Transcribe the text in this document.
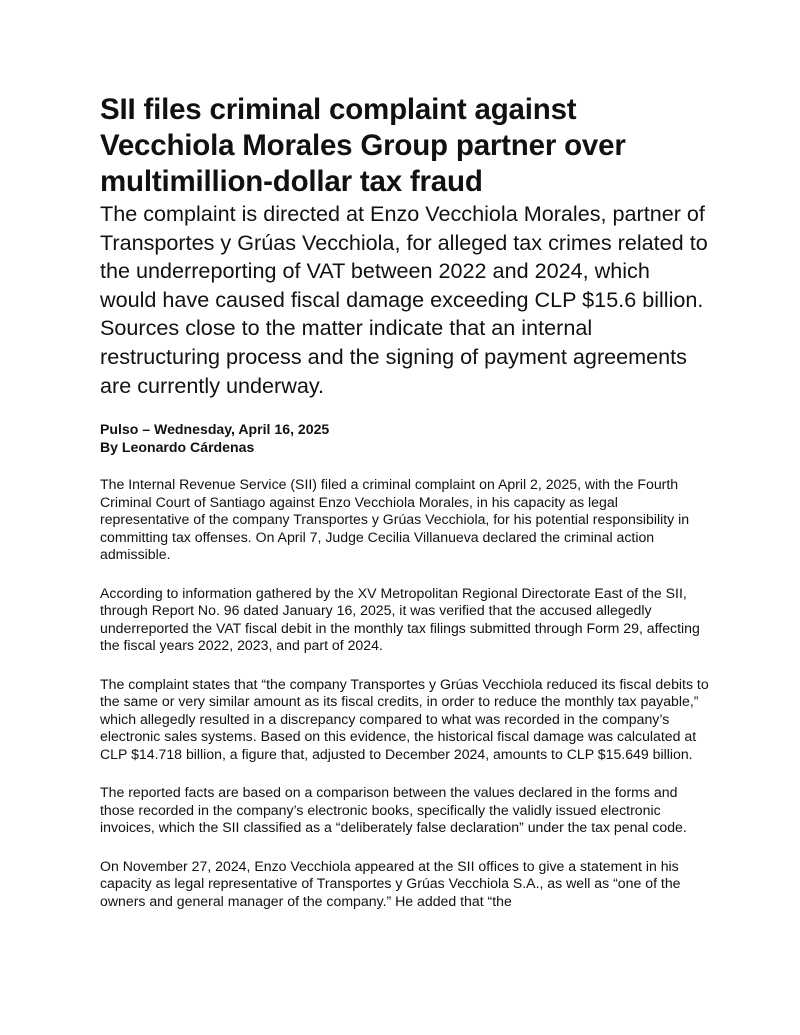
SII files criminal complaint against Vecchiola Morales Group partner over multimillion-dollar tax fraud
The complaint is directed at Enzo Vecchiola Morales, partner of Transportes y Grúas Vecchiola, for alleged tax crimes related to the underreporting of VAT between 2022 and 2024, which would have caused fiscal damage exceeding CLP $15.6 billion. Sources close to the matter indicate that an internal restructuring process and the signing of payment agreements are currently underway.
Pulso – Wednesday, April 16, 2025
By Leonardo Cárdenas

The Internal Revenue Service (SII) filed a criminal complaint on April 2, 2025, with the Fourth Criminal Court of Santiago against Enzo Vecchiola Morales, in his capacity as legal representative of the company Transportes y Grúas Vecchiola, for his potential responsibility in committing tax offenses. On April 7, Judge Cecilia Villanueva declared the criminal action admissible.

According to information gathered by the XV Metropolitan Regional Directorate East of the SII, through Report No. 96 dated January 16, 2025, it was verified that the accused allegedly underreported the VAT fiscal debit in the monthly tax filings submitted through Form 29, affecting the fiscal years 2022, 2023, and part of 2024.

The complaint states that “the company Transportes y Grúas Vecchiola reduced its fiscal debits to the same or very similar amount as its fiscal credits, in order to reduce the monthly tax payable,” which allegedly resulted in a discrepancy compared to what was recorded in the company’s electronic sales systems. Based on this evidence, the historical fiscal damage was calculated at CLP $14.718 billion, a figure that, adjusted to December 2024, amounts to CLP $15.649 billion.

The reported facts are based on a comparison between the values declared in the forms and those recorded in the company’s electronic books, specifically the validly issued electronic invoices, which the SII classified as a “deliberately false declaration” under the tax penal code.

On November 27, 2024, Enzo Vecchiola appeared at the SII offices to give a statement in his capacity as legal representative of Transportes y Grúas Vecchiola S.A., as well as “one of the owners and general manager of the company.” He added that “the
